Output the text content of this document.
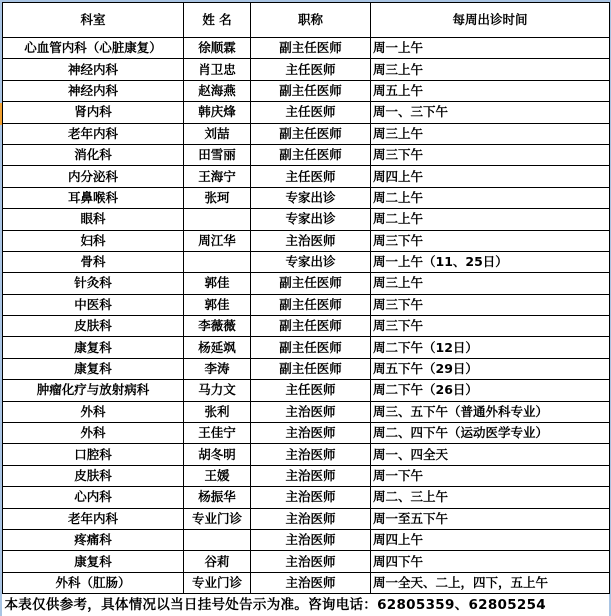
科室	姓 名	职称	每周出诊时间
心血管内科（心脏康复）	徐顺霖	副主任医师	周一上午
神经内科	肖卫忠	主任医师	周三上午
神经内科	赵海燕	副主任医师	周五上午
肾内科	韩庆烽	主任医师	周一、三下午
老年内科	刘喆	副主任医师	周三上午
消化科	田雪丽	副主任医师	周三下午
内分泌科	王海宁	主任医师	周四上午
耳鼻喉科	张珂	专家出诊	周二上午
眼科		专家出诊	周二上午
妇科	周江华	主治医师	周三下午
骨科		专家出诊	周一上午（11、25日）
针灸科	郭佳	副主任医师	周三上午
中医科	郭佳	副主任医师	周三下午
皮肤科	李薇薇	副主任医师	周三下午
康复科	杨延飒	副主任医师	周二下午（12日）
康复科	李涛	副主任医师	周五下午（29日）
肿瘤化疗与放射病科	马力文	主任医师	周二下午（26日）
外科	张利	主治医师	周三、五下午（普通外科专业）
外科	王佳宁	主治医师	周二、四下午（运动医学专业）
口腔科	胡冬明	主治医师	周一、四全天
皮肤科	王媛	主治医师	周一下午
心内科	杨振华	主治医师	周二、三上午
老年内科	专业门诊	主治医师	周一至五下午
疼痛科		主治医师	周四上午
康复科	谷莉	主治医师	周四下午
外科（肛肠）	专业门诊	主治医师	周一全天、二上，四下，五上午
本表仅供参考，具体情况以当日挂号处告示为准。咨询电话：62805359、62805254			
